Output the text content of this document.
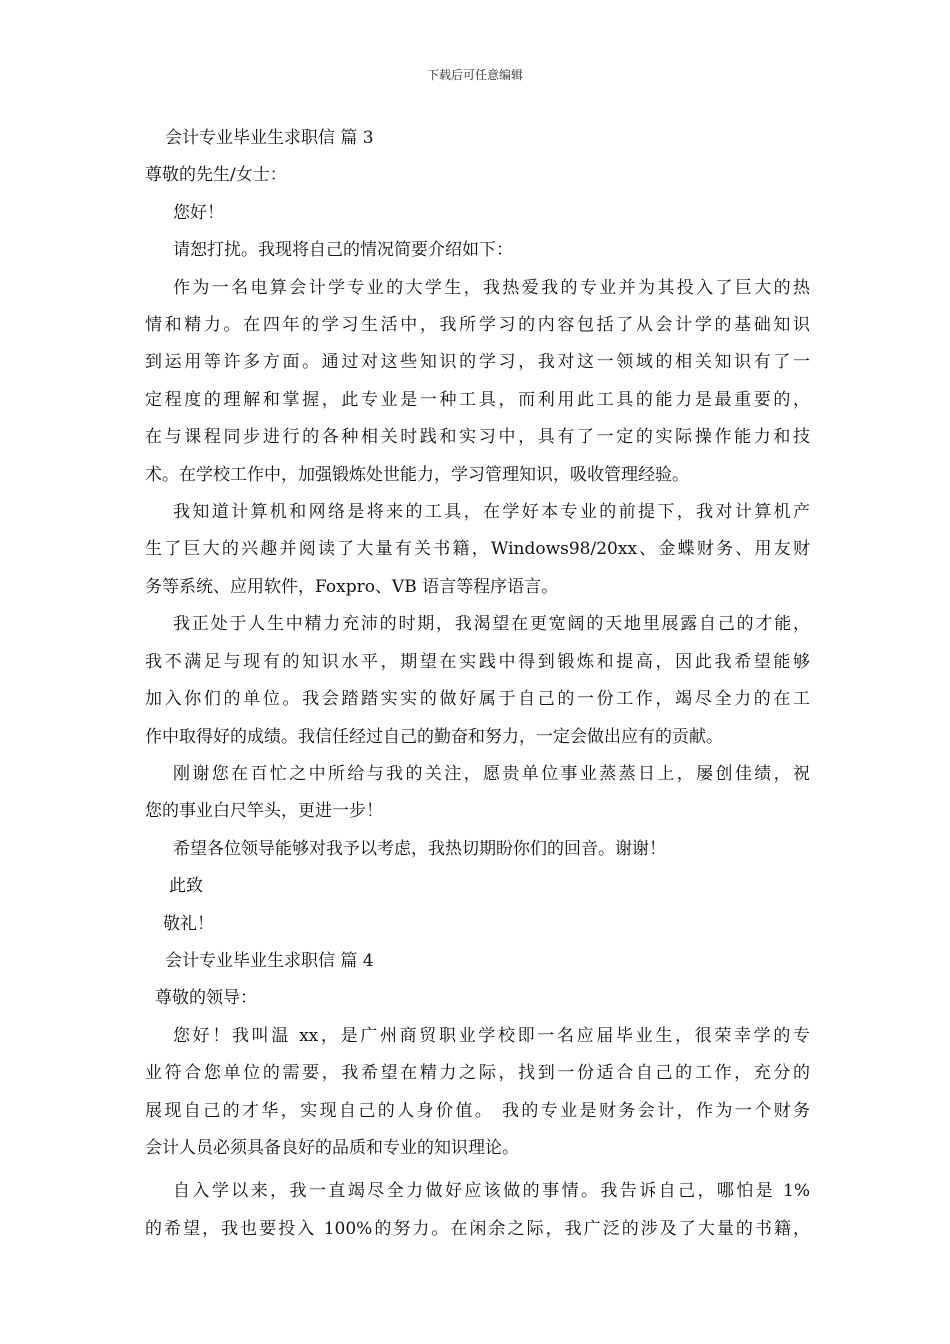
下载后可任意编辑
会计专业毕业生求职信 篇 3
尊敬的先生/女士：
您好！
请恕打扰。我现将自己的情况简要介绍如下：
作为一名电算会计学专业的大学生，我热爱我的专业并为其投入了巨大的热
情和精力。在四年的学习生活中，我所学习的内容包括了从会计学的基础知识
到运用等许多方面。通过对这些知识的学习，我对这一领域的相关知识有了一
定程度的理解和掌握，此专业是一种工具，而利用此工具的能力是最重要的，
在与课程同步进行的各种相关时践和实习中，具有了一定的实际操作能力和技
术。在学校工作中，加强锻炼处世能力，学习管理知识，吸收管理经验。
我知道计算机和网络是将来的工具，在学好本专业的前提下，我对计算机产
生了巨大的兴趣并阅读了大量有关书籍，Windows98/20xx、金蝶财务、用友财
务等系统、应用软件，Foxpro、VB 语言等程序语言。
我正处于人生中精力充沛的时期，我渴望在更宽阔的天地里展露自己的才能，
我不满足与现有的知识水平，期望在实践中得到锻炼和提高，因此我希望能够
加入你们的单位。我会踏踏实实的做好属于自己的一份工作，竭尽全力的在工
作中取得好的成绩。我信任经过自己的勤奋和努力，一定会做出应有的贡献。
刚谢您在百忙之中所给与我的关注，愿贵单位事业蒸蒸日上，屡创佳绩，祝
您的事业白尺竿头，更进一步！
希望各位领导能够对我予以考虑，我热切期盼你们的回音。谢谢！
此致
敬礼！
会计专业毕业生求职信 篇 4
尊敬的领导：
您好！我叫温 xx，是广州商贸职业学校即一名应届毕业生，很荣幸学的专
业符合您单位的需要，我希望在精力之际，找到一份适合自己的工作，充分的
展现自己的才华，实现自己的人身价值。 我的专业是财务会计，作为一个财务
会计人员必须具备良好的品质和专业的知识理论。
自入学以来，我一直竭尽全力做好应该做的事情。我告诉自己，哪怕是 1%
的希望，我也要投入 100%的努力。在闲余之际，我广泛的涉及了大量的书籍，
